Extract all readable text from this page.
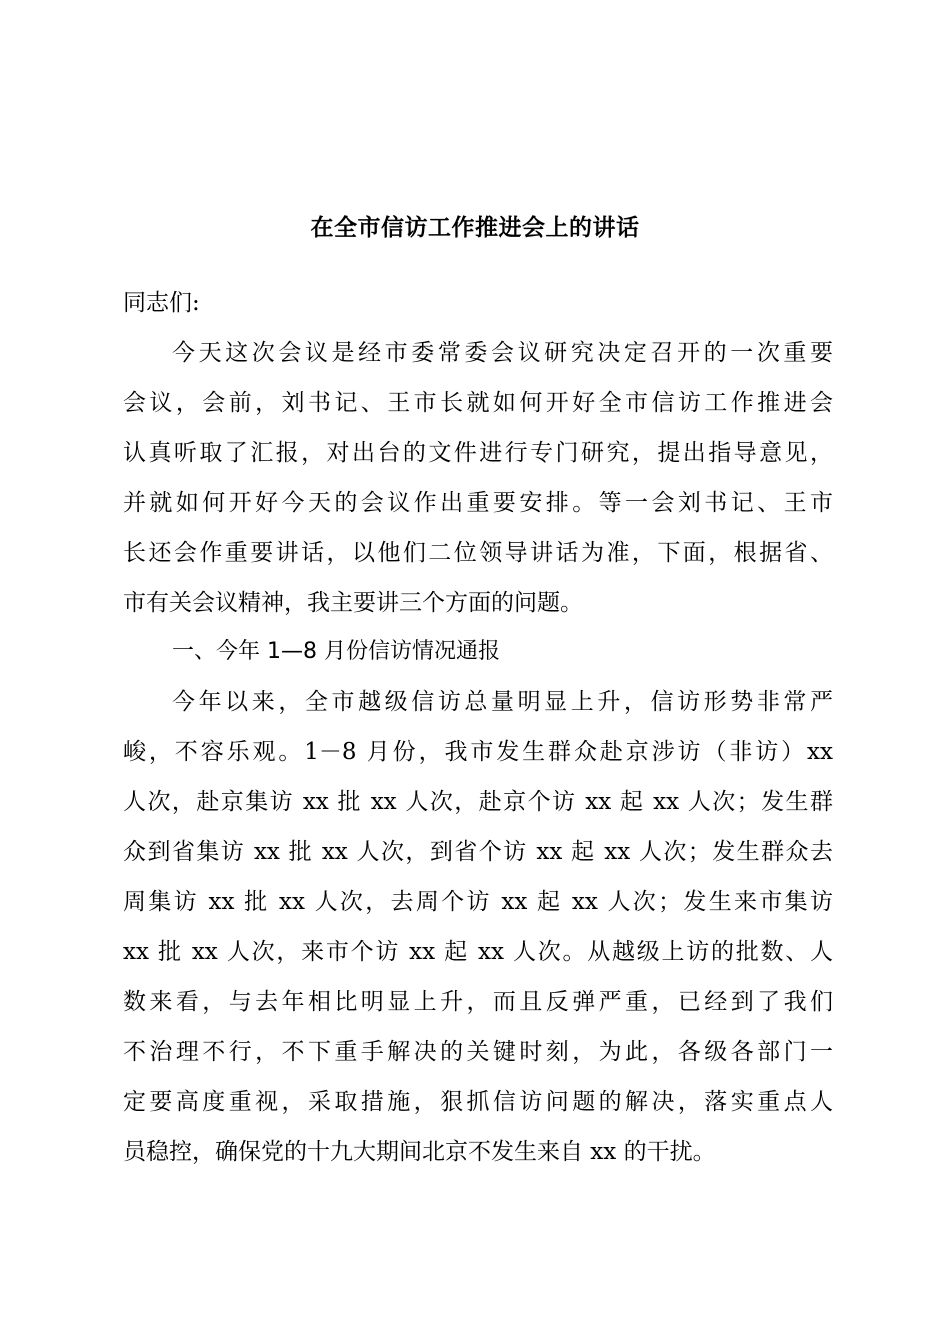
在全市信访工作推进会上的讲话
同志们:
今天这次会议是经市委常委会议研究决定召开的一次重要
会议，会前，刘书记、王市长就如何开好全市信访工作推进会
认真听取了汇报，对出台的文件进行专门研究，提出指导意见，
并就如何开好今天的会议作出重要安排。等一会刘书记、王市
长还会作重要讲话，以他们二位领导讲话为准，下面，根据省、
市有关会议精神，我主要讲三个方面的问题。
一、今年 1—8 月份信访情况通报
今年以来，全市越级信访总量明显上升，信访形势非常严
峻，不容乐观。1－8 月份，我市发生群众赴京涉访（非访）xx
人次，赴京集访 xx 批 xx 人次，赴京个访 xx 起 xx 人次；发生群
众到省集访 xx 批 xx 人次，到省个访 xx 起 xx 人次；发生群众去
周集访 xx 批 xx 人次，去周个访 xx 起 xx 人次；发生来市集访
xx 批 xx 人次，来市个访 xx 起 xx 人次。从越级上访的批数、人
数来看，与去年相比明显上升，而且反弹严重，已经到了我们
不治理不行，不下重手解决的关键时刻，为此，各级各部门一
定要高度重视，采取措施，狠抓信访问题的解决，落实重点人
员稳控，确保党的十九大期间北京不发生来自 xx 的干扰。
